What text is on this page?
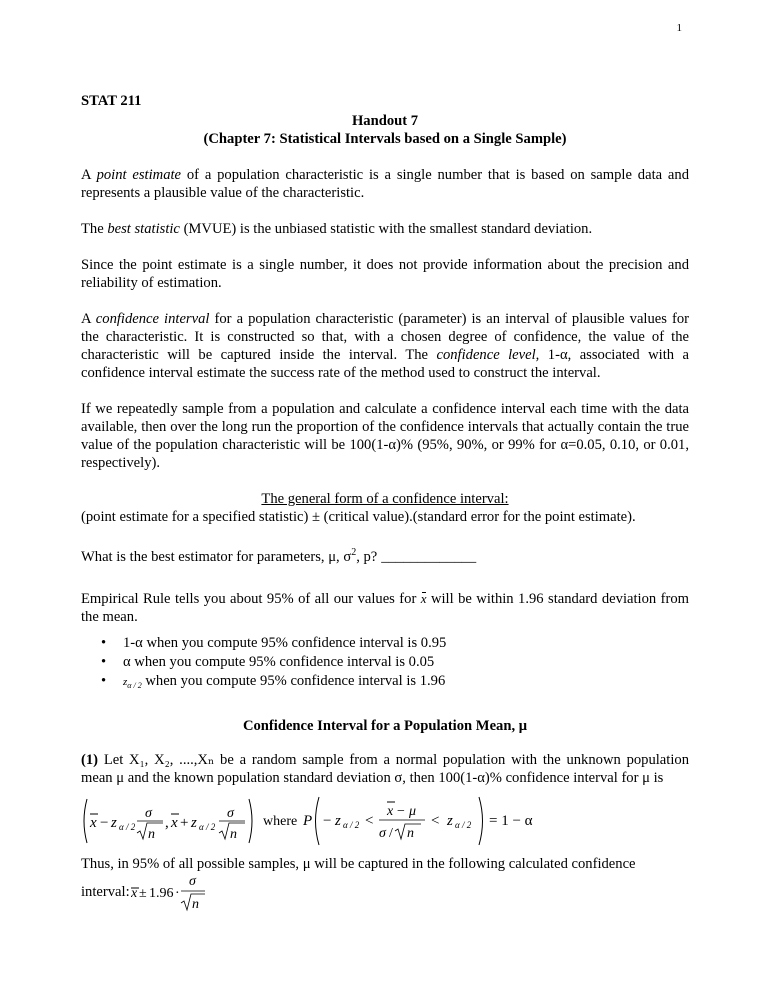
1
STAT 211
Handout 7
(Chapter 7: Statistical Intervals based on a Single Sample)

A point estimate of a population characteristic is a single number that is based on sample data and represents a plausible value of the characteristic.

The best statistic (MVUE) is the unbiased statistic with the smallest standard deviation.

Since the point estimate is a single number, it does not provide information about the precision and reliability of estimation.

A confidence interval for a population characteristic (parameter) is an interval of plausible values for the characteristic. It is constructed so that, with a chosen degree of confidence, the value of the characteristic will be captured inside the interval. The confidence level, 1-α, associated with a confidence interval estimate the success rate of the method used to construct the interval.

If we repeatedly sample from a population and calculate a confidence interval each time with the data available, then over the long run the proportion of the confidence intervals that actually contain the true value of the population characteristic will be 100(1-α)% (95%, 90%, or 99% for α=0.05, 0.10, or 0.01, respectively).

The general form of a confidence interval:

(point estimate for a specified statistic) ± (critical value).(standard error for the point estimate).

What is the best estimator for parameters, μ, $\sigma^2$, p? _____________

Empirical Rule tells you about 95% of all our values for x will be within 1.96 standard deviation from the mean.

• 1-α when you compute 95% confidence interval is 0.95
• α when you compute 95% confidence interval is 0.05
• $z_{\alpha / 2}$ when you compute 95% confidence interval is 1.96
Confidence Interval for a Population Mean, μ

(1) Let X₁, X₂, ....,Xₙ be a random sample from a normal population with the unknown population mean μ and the known population standard deviation σ, then 100(1-α)% confidence interval for μ is

x − z α / 2
σ
n
, x + z α / 2
σ
n
where P − z α / 2 <
x − μ
σ / n
< z α / 2 = 1 − α

Thus, in 95% of all possible samples, μ will be captured in the following calculated confidence

interval: x ± 1.96 ·
σ
n
